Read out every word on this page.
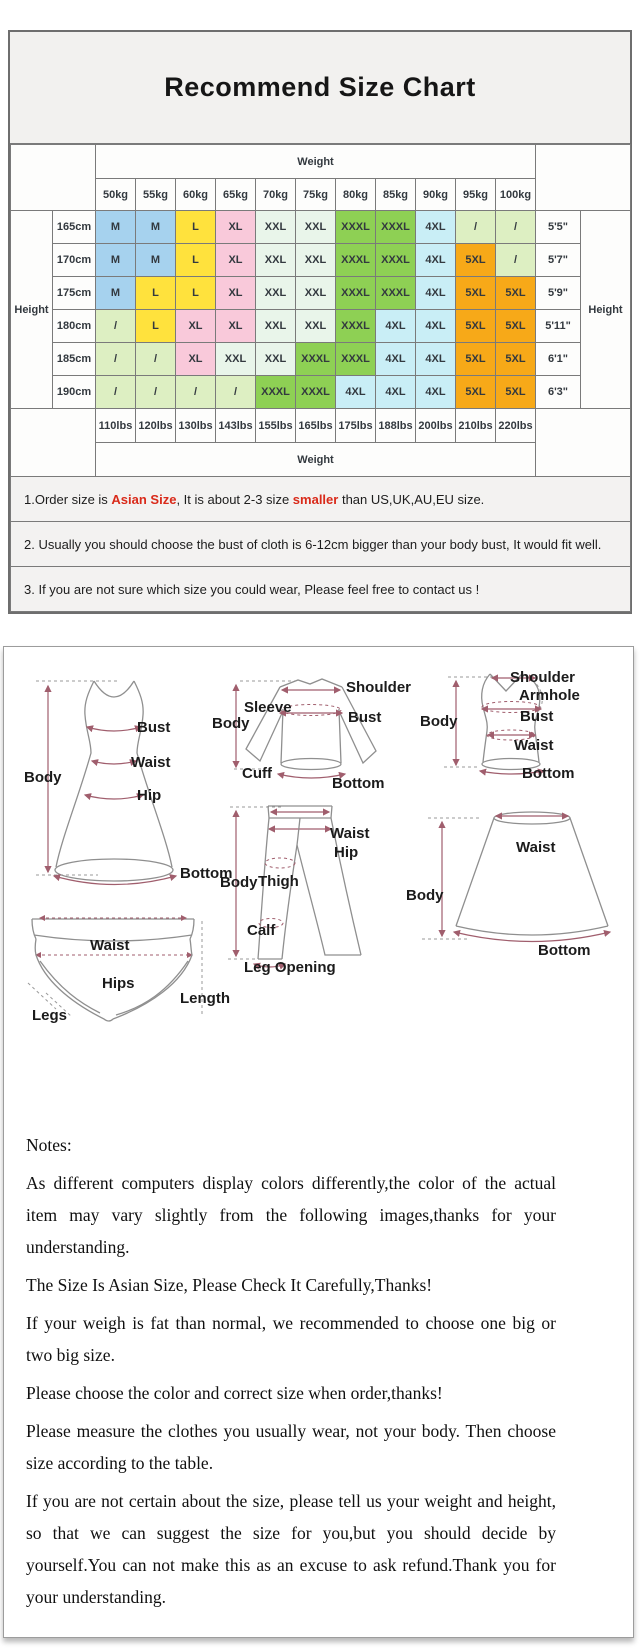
Recommend Size Chart
		Weight												
		50kg	55kg	60kg	65kg	70kg	75kg	80kg	85kg	90kg	95kg	100kg		
Height	165cm	M	M	L	XL	XXL	XXL	XXXL	XXXL	4XL	/	/	5'5"	Height
	170cm	M	M	L	XL	XXL	XXL	XXXL	XXXL	4XL	5XL	/	5'7"	
	175cm	M	L	L	XL	XXL	XXL	XXXL	XXXL	4XL	5XL	5XL	5'9"	
	180cm	/	L	XL	XL	XXL	XXL	XXXL	4XL	4XL	5XL	5XL	5'11"	
	185cm	/	/	XL	XXL	XXL	XXXL	XXXL	4XL	4XL	5XL	5XL	6'1"	
	190cm	/	/	/	/	XXXL	XXXL	4XL	4XL	4XL	5XL	5XL	6'3"	
		110lbs	120lbs	130lbs	143lbs	155lbs	165lbs	175lbs	188lbs	200lbs	210lbs	220lbs		
		Weight												
1.Order size is Asian Size, It is about 2-3 size smaller than US,UK,AU,EU size.														
2. Usually you should choose the bust of cloth is 6-12cm bigger than your body bust, It would fit well.														
3. If you are not sure which size you could wear, Please feel free to contact us !														
Body
Bust
Waist
Hip
Bottom
Sleeve
Body
Cuff
Shoulder
Bust
Bottom
Shoulder
Armhole
Body	Bust
Waist
Bottom
Waist
Hip
Body Thigh
Calf
Leg Opening
Waist
Body
Bottom
Waist
Hips
Legs
Length

Notes:

As different computers display colors differently,the color of the actual item may vary slightly from the following images,thanks for your understanding.

The Size Is Asian Size, Please Check It Carefully,Thanks!

If your weigh is fat than normal, we recommended to choose one big or two big size.

Please choose the color and correct size when order,thanks!

Please measure the clothes you usually wear, not your body. Then choose size according to the table.

If you are not certain about the size, please tell us your weight and height, so that we can suggest the size for you,but you should decide by yourself.You can not make this as an excuse to ask refund.Thank you for your understanding.
